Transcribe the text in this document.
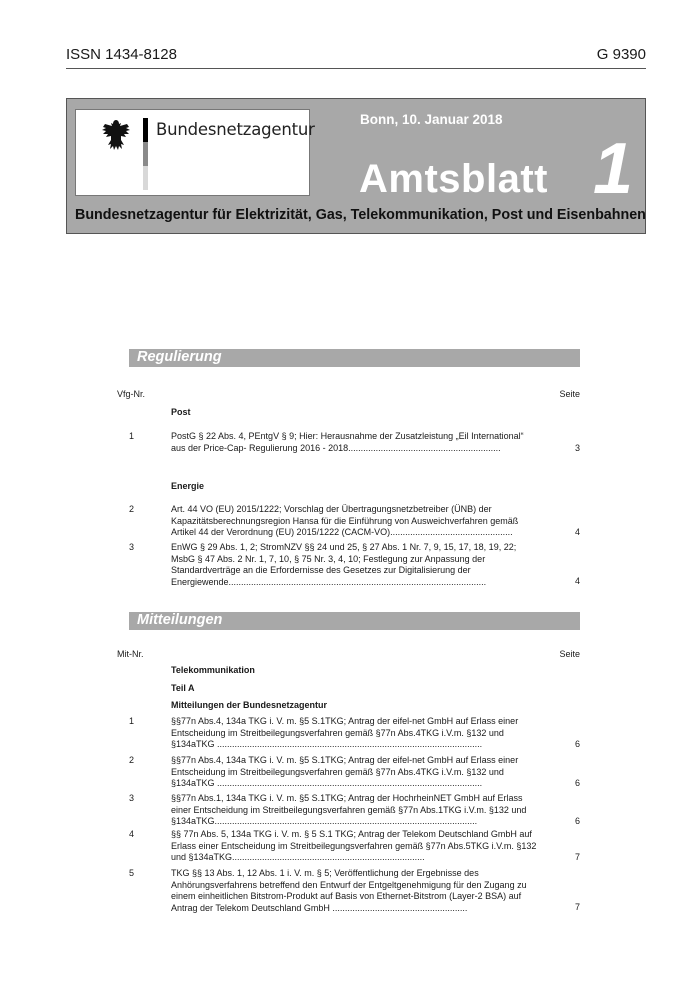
ISSN 1434-8128	G 9390
Bundesnetzagentur
Bonn, 10. Januar 2018
Amtsblatt 1
Bundesnetzagentur für Elektrizität, Gas, Telekommunikation, Post und Eisenbahnen
Regulierung
Vfg-Nr.	Seite
Post
1	PostG § 22 Abs. 4, PEntgV § 9; Hier: Herausnahme der Zusatzleistung „Eil International“ aus der Price-Cap- Regulierung 2016 - 2018.............................................................	3
Energie
2	Art. 44 VO (EU) 2015/1222; Vorschlag der Übertragungsnetzbetreiber (ÜNB) der Kapazitätsberechnungsregion Hansa für die Einführung von Ausweichverfahren gemäß Artikel 44 der Verordnung (EU) 2015/1222 (CACM-VO).................................................	4
3	EnWG § 29 Abs. 1, 2; StromNZV §§ 24 und 25, § 27 Abs. 1 Nr. 7, 9, 15, 17, 18, 19, 22; MsbG § 47 Abs. 2 Nr. 1, 7, 10, § 75 Nr. 3, 4, 10; Festlegung zur Anpassung der Standardverträge an die Erfordernisse des Gesetzes zur Digitalisierung der Energiewende.......................................................................................................	4
Mitteilungen
Mit-Nr.	Seite
Telekommunikation
Teil A
Mitteilungen der Bundesnetzagentur
1	§§77n Abs.4, 134a TKG i. V. m. §5 S.1TKG; Antrag der eifel-net GmbH auf Erlass einer Entscheidung im Streitbeilegungsverfahren gemäß §77n Abs.4TKG i.V.m. §132 und §134aTKG ..........................................................................................................	6
2	§§77n Abs.4, 134a TKG i. V. m. §5 S.1TKG; Antrag der eifel-net GmbH auf Erlass einer Entscheidung im Streitbeilegungsverfahren gemäß §77n Abs.4TKG i.V.m. §132 und §134aTKG ..........................................................................................................	6
3	§§77n Abs.1, 134a TKG i. V. m. §5 S.1TKG; Antrag der HochrheinNET GmbH auf Erlass einer Entscheidung im Streitbeilegungsverfahren gemäß §77n Abs.1TKG i.V.m. §132 und §134aTKG.........................................................................................................	6
4	§§ 77n Abs. 5, 134a TKG i. V. m. § 5 S.1 TKG; Antrag der Telekom Deutschland GmbH auf Erlass einer Entscheidung im Streitbeilegungsverfahren gemäß §77n Abs.5TKG i.V.m. §132 und §134aTKG.............................................................................	7
5	TKG §§ 13 Abs. 1, 12 Abs. 1 i. V. m. § 5; Veröffentlichung der Ergebnisse des Anhörungsverfahrens betreffend den Entwurf der Entgeltgenehmigung für den Zugang zu einem einheitlichen Bitstrom-Produkt auf Basis von Ethernet-Bitstrom (Layer-2 BSA) auf Antrag der Telekom Deutschland GmbH ......................................................	7
